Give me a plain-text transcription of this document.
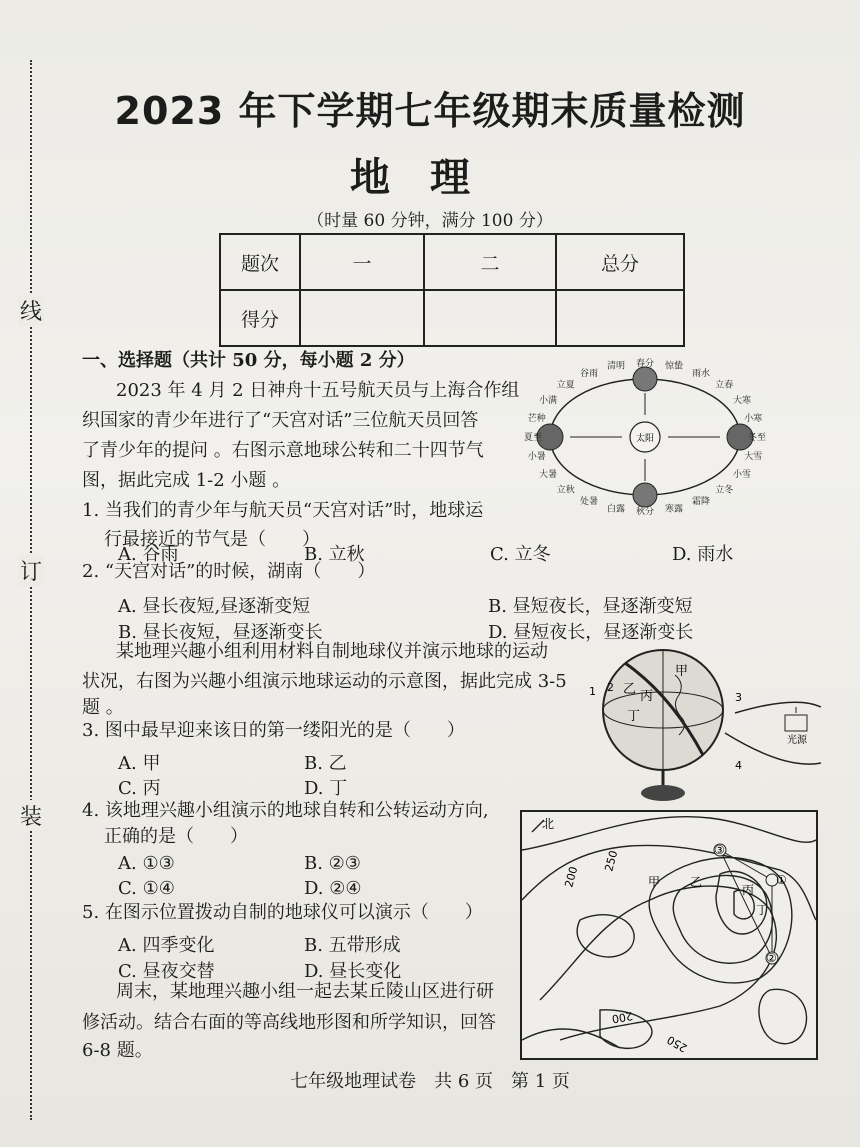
线
订
装
2023 年下学期七年级期末质量检测
地理
（时量 60 分钟，满分 100 分）
题次	一	二	总分
得分			
一、选择题（共计 50 分，每小题 2 分）
2023 年 4 月 2 日神舟十五号航天员与上海合作组
织国家的青少年进行了“天宫对话”三位航天员回答
了青少年的提问 。右图示意地球公转和二十四节气
图，据此完成 1-2 小题 。
1. 当我们的青少年与航天员“天宫对话”时，地球运
行最接近的节气是（　　）
A. 谷雨	B. 立秋	C. 立冬	D. 雨水
2. “天宫对话”的时候，湖南（　　）
A. 昼长夜短,昼逐渐变短	B. 昼短夜长，昼逐渐变短
B. 昼长夜短，昼逐渐变长	D. 昼短夜长，昼逐渐变长
某地理兴趣小组利用材料自制地球仪并演示地球的运动
状况，右图为兴趣小组演示地球运动的示意图，据此完成 3-5
题 。
3. 图中最早迎来该日的第一缕阳光的是（　　）
A. 甲	B. 乙
C. 丙	D. 丁
4. 该地理兴趣小组演示的地球自转和公转运动方向,
正确的是（　　）
A. ①③	B. ②③
C. ①④	D. ②④
5. 在图示位置拨动自制的地球仪可以演示（　　）
A. 四季变化	B. 五带形成
C. 昼夜交替	D. 昼长变化
周末，某地理兴趣小组一起去某丘陵山区进行研
修活动。结合右面的等高线地形图和所学知识，回答
6-8 题。
太阳
春分
清明
谷雨
立夏
小满
芒种
夏至
小暑
大暑
立秋
处暑
白露 秋分 寒露
霜降
立冬
小雪
大雪
冬至
小寒
大寒
立春
雨水
惊蛰
甲
乙 丙
丁
1 2
3
4
光源
北
200
250
200
250
甲 乙
丙
丁
①
②
③
七年级地理试卷　共 6 页　第 1 页
